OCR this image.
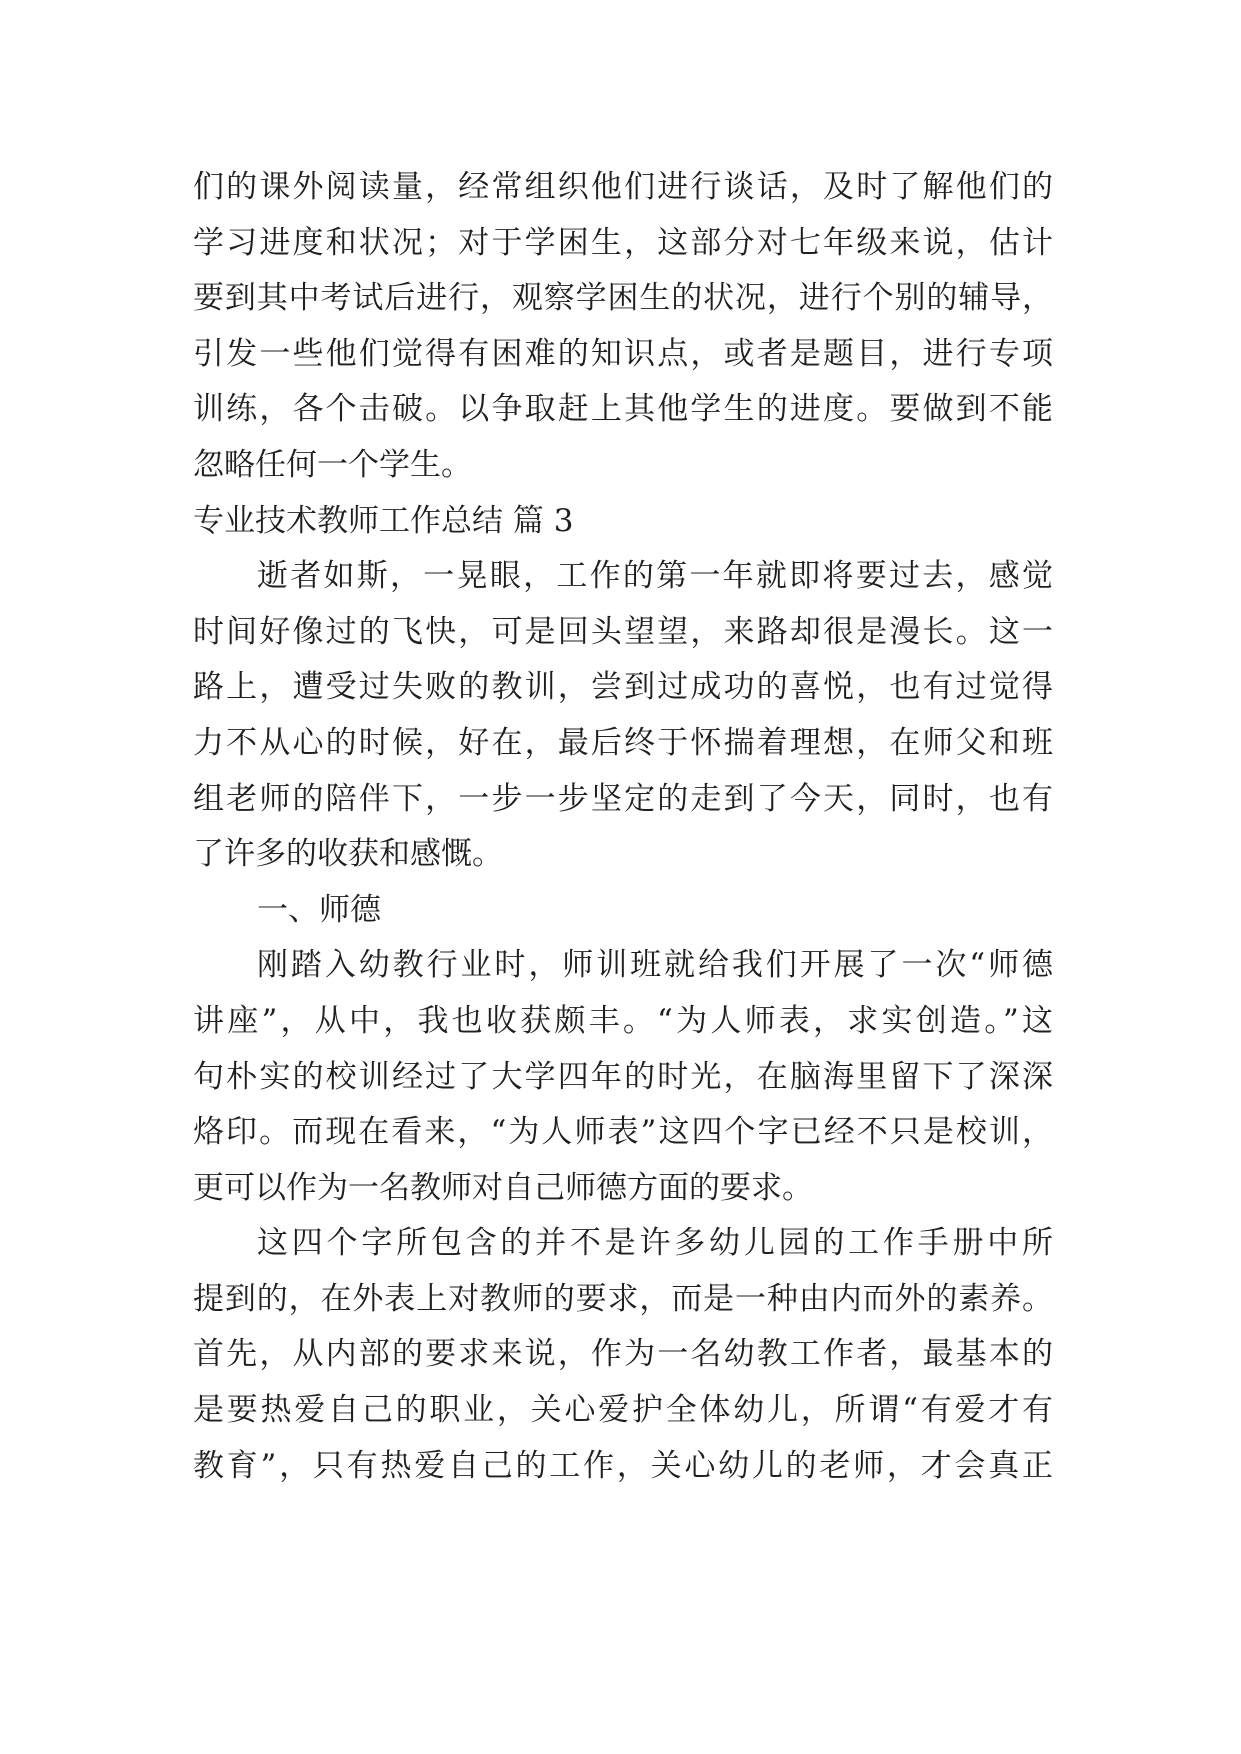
们的课外阅读量，经常组织他们进行谈话，及时了解他们的
学习进度和状况；对于学困生，这部分对七年级来说，估计
要到其中考试后进行，观察学困生的状况，进行个别的辅导，
引发一些他们觉得有困难的知识点，或者是题目，进行专项
训练，各个击破。以争取赶上其他学生的进度。要做到不能
忽略任何一个学生。
专业技术教师工作总结 篇 3
逝者如斯，一晃眼，工作的第一年就即将要过去，感觉
时间好像过的飞快，可是回头望望，来路却很是漫长。这一
路上，遭受过失败的教训，尝到过成功的喜悦，也有过觉得
力不从心的时候，好在，最后终于怀揣着理想，在师父和班
组老师的陪伴下，一步一步坚定的走到了今天，同时，也有
了许多的收获和感慨。
一、师德
刚踏入幼教行业时，师训班就给我们开展了一次“师德
讲座”，从中，我也收获颇丰。“为人师表，求实创造。”这
句朴实的校训经过了大学四年的时光，在脑海里留下了深深
烙印。而现在看来，“为人师表”这四个字已经不只是校训，
更可以作为一名教师对自己师德方面的要求。
这四个字所包含的并不是许多幼儿园的工作手册中所
提到的，在外表上对教师的要求，而是一种由内而外的素养。
首先，从内部的要求来说，作为一名幼教工作者，最基本的
是要热爱自己的职业，关心爱护全体幼儿，所谓“有爱才有
教育”，只有热爱自己的工作，关心幼儿的老师，才会真正
